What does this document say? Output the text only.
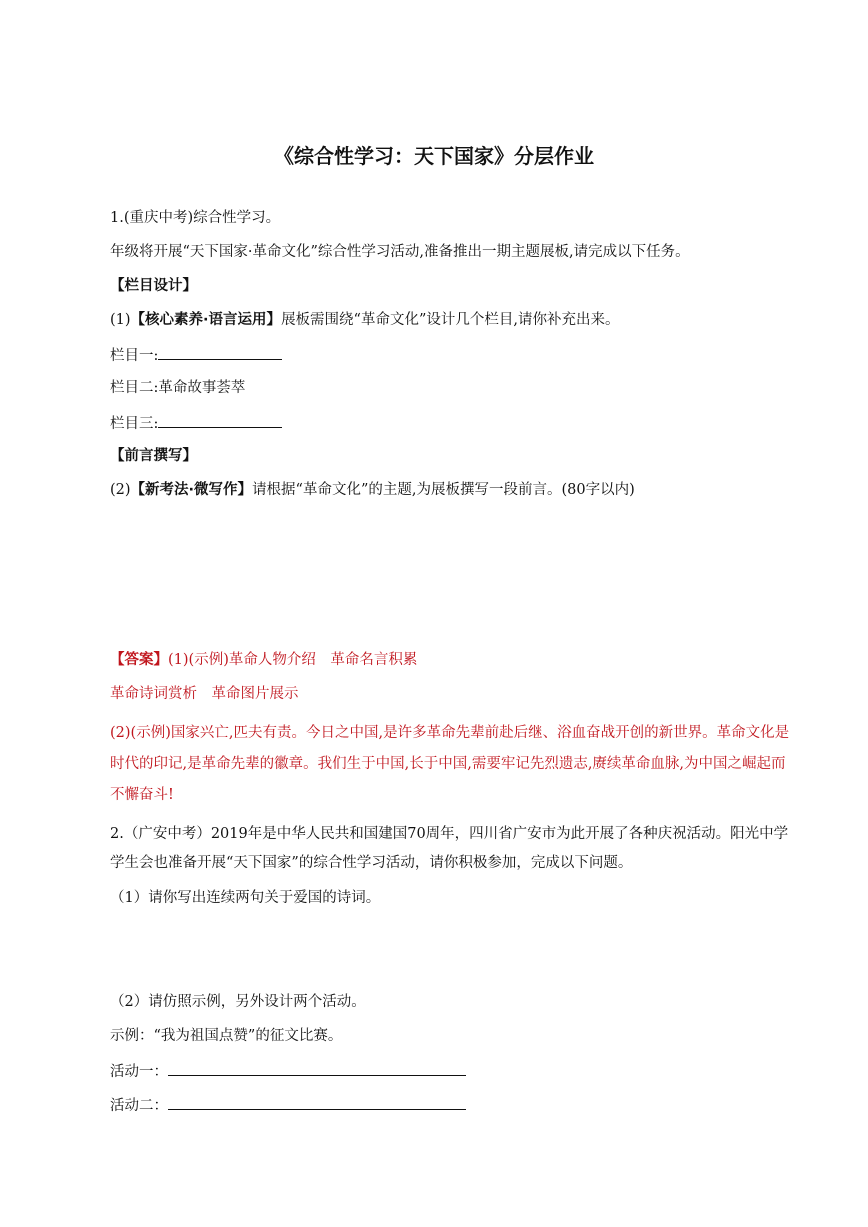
《综合性学习：天下国家》分层作业
1.(重庆中考)综合性学习。
年级将开展“天下国家·革命文化”综合性学习活动,准备推出一期主题展板,请完成以下任务。
【栏目设计】
(1)【核心素养·语言运用】展板需围绕“革命文化”设计几个栏目,请你补充出来。
栏目一:
栏目二:革命故事荟萃
栏目三:
【前言撰写】
(2)【新考法·微写作】请根据“革命文化”的主题,为展板撰写一段前言。(80字以内)
【答案】(1)(示例)革命人物介绍　革命名言积累
革命诗词赏析　革命图片展示
(2)(示例)国家兴亡,匹夫有责。今日之中国,是许多革命先辈前赴后继、浴血奋战开创的新世界。革命文化是时代的印记,是革命先辈的徽章。我们生于中国,长于中国,需要牢记先烈遗志,赓续革命血脉,为中国之崛起而不懈奋斗!
2.（广安中考）2019年是中华人民共和国建国70周年，四川省广安市为此开展了各种庆祝活动。阳光中学学生会也准备开展“天下国家”的综合性学习活动，请你积极参加，完成以下问题。
（1）请你写出连续两句关于爱国的诗词。
（2）请仿照示例，另外设计两个活动。
示例：“我为祖国点赞”的征文比赛。
活动一：
活动二：
